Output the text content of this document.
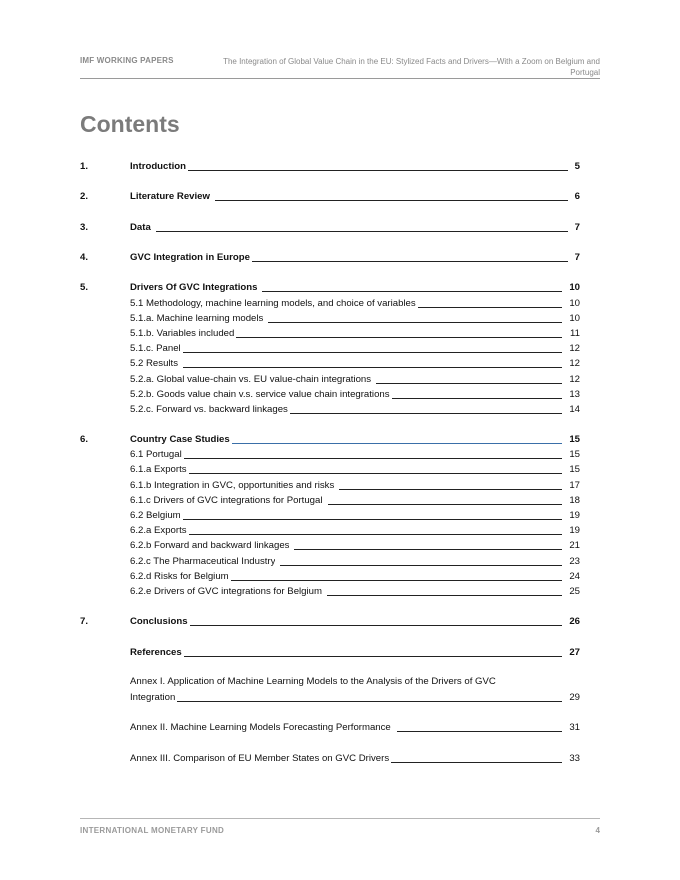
IMF WORKING PAPERS	The Integration of Global Value Chain in the EU: Stylized Facts and Drivers—With a Zoom on Belgium and Portugal
Contents
1.	Introduction	5
2.	Literature Review	6
3.	Data	7
4.	GVC Integration in Europe	7
5.	Drivers Of GVC Integrations	10
5.1 Methodology, machine learning models, and choice of variables	10
5.1.a. Machine learning models	10
5.1.b. Variables included	11
5.1.c. Panel	12
5.2 Results	12
5.2.a. Global value-chain vs. EU value-chain integrations	12
5.2.b. Goods value chain v.s. service value chain integrations	13
5.2.c. Forward vs. backward linkages	14
6.	Country Case Studies	15
6.1 Portugal	15
6.1.a Exports	15
6.1.b Integration in GVC, opportunities and risks	17
6.1.c Drivers of GVC integrations for Portugal	18
6.2 Belgium	19
6.2.a Exports	19
6.2.b Forward and backward linkages	21
6.2.c The Pharmaceutical Industry	23
6.2.d Risks for Belgium	24
6.2.e Drivers of GVC integrations for Belgium	25
7.	Conclusions	26
References	27
Annex I. Application of Machine Learning Models to the Analysis of the Drivers of GVC
Integration	29
Annex II. Machine Learning Models Forecasting Performance	31
Annex III. Comparison of EU Member States on GVC Drivers	33
INTERNATIONAL MONETARY FUND	4
